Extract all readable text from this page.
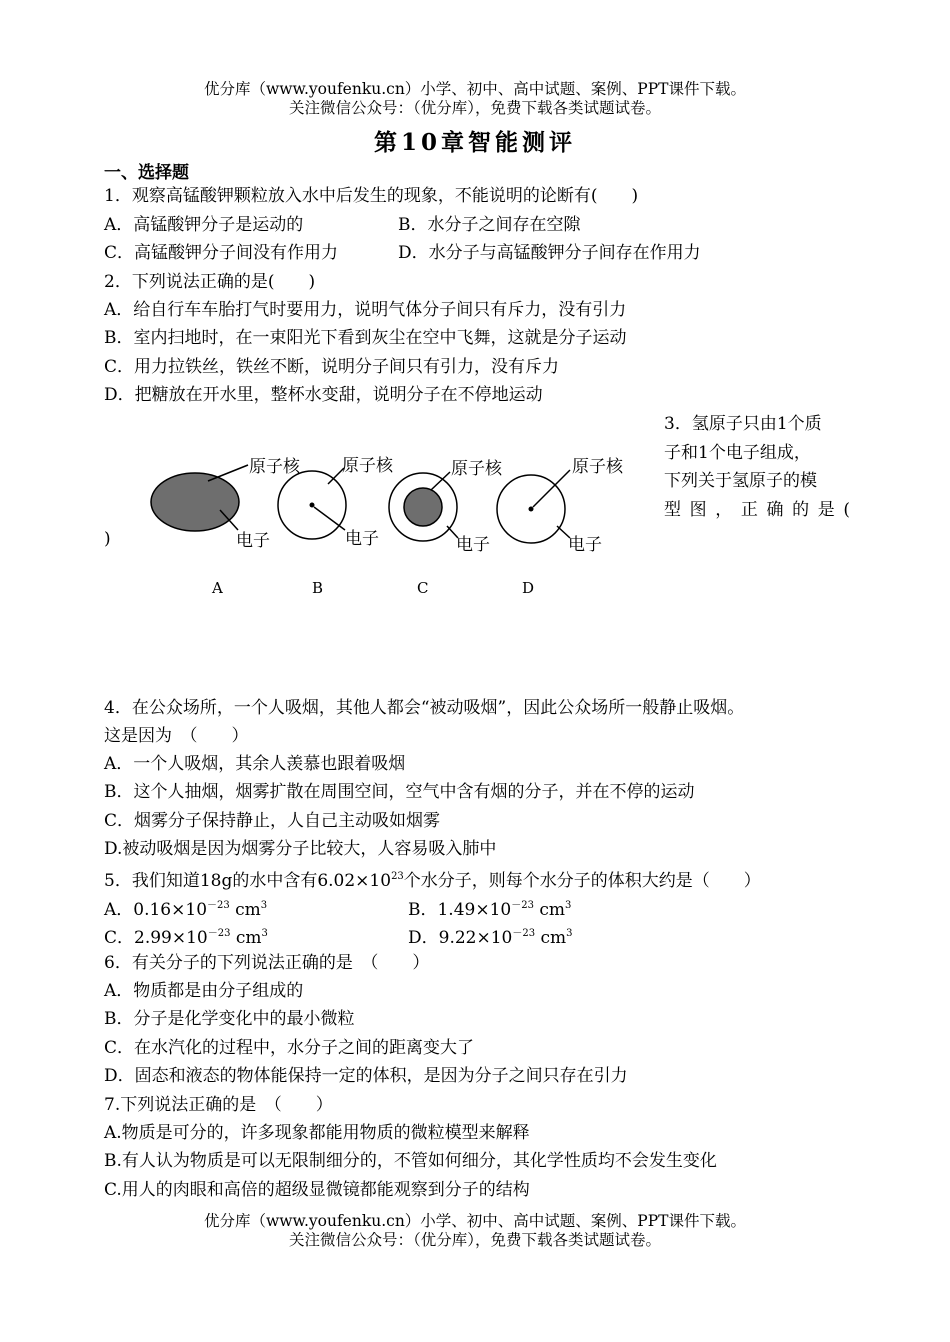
优分库（www.youfenku.cn）小学、初中、高中试题、案例、PPT课件下载。
关注微信公众号：（优分库），免费下载各类试题试卷。
第10章智能测评
一、选择题
1．观察高锰酸钾颗粒放入水中后发生的现象，不能说明的论断有(　　)
A．高锰酸钾分子是运动的	B．水分子之间存在空隙
C．高锰酸钾分子间没有作用力	D．水分子与高锰酸钾分子间存在作用力
2．下列说法正确的是(　　)
A．给自行车车胎打气时要用力，说明气体分子间只有斥力，没有引力
B．室内扫地时，在一束阳光下看到灰尘在空中飞舞，这就是分子运动
C．用力拉铁丝，铁丝不断，说明分子间只有引力，没有斥力
D．把糖放在开水里，整杯水变甜，说明分子在不停地运动
3．氢原子只由1个质
子和1个电子组成，
下列关于氢原子的模
型图，正确的是(
)
原子核
电子
原子核
电子
原子核
电子
原子核
电子
A	B	C	D
4．在公众场所，一个人吸烟，其他人都会“被动吸烟”，因此公众场所一般静止吸烟。
这是因为　（　　）
A．一个人吸烟，其余人羡慕也跟着吸烟
B．这个人抽烟，烟雾扩散在周围空间，空气中含有烟的分子，并在不停的运动
C．烟雾分子保持静止，人自己主动吸如烟雾
D.被动吸烟是因为烟雾分子比较大，人容易吸入肺中
5．我们知道18g的水中含有$6.02\times 10^{23}$个水分子，则每个水分子的体积大约是（　　）
A．$0.16\times 10^{-23}$ $cm^3$	B．$1.49\times 10^{-23}$ $cm^3$
C．$2.99\times 10^{-23}$ $cm^3$	D．$9.22\times 10^{-23}$ $cm^3$
6．有关分子的下列说法正确的是　（　　）
A．物质都是由分子组成的
B．分子是化学变化中的最小微粒
C．在水汽化的过程中，水分子之间的距离变大了
D．固态和液态的物体能保持一定的体积，是因为分子之间只存在引力
7.下列说法正确的是　（　　）
A.物质是可分的，许多现象都能用物质的微粒模型来解释
B.有人认为物质是可以无限制细分的，不管如何细分，其化学性质均不会发生变化
C.用人的肉眼和高倍的超级显微镜都能观察到分子的结构
优分库（www.youfenku.cn）小学、初中、高中试题、案例、PPT课件下载。
关注微信公众号：（优分库），免费下载各类试题试卷。
